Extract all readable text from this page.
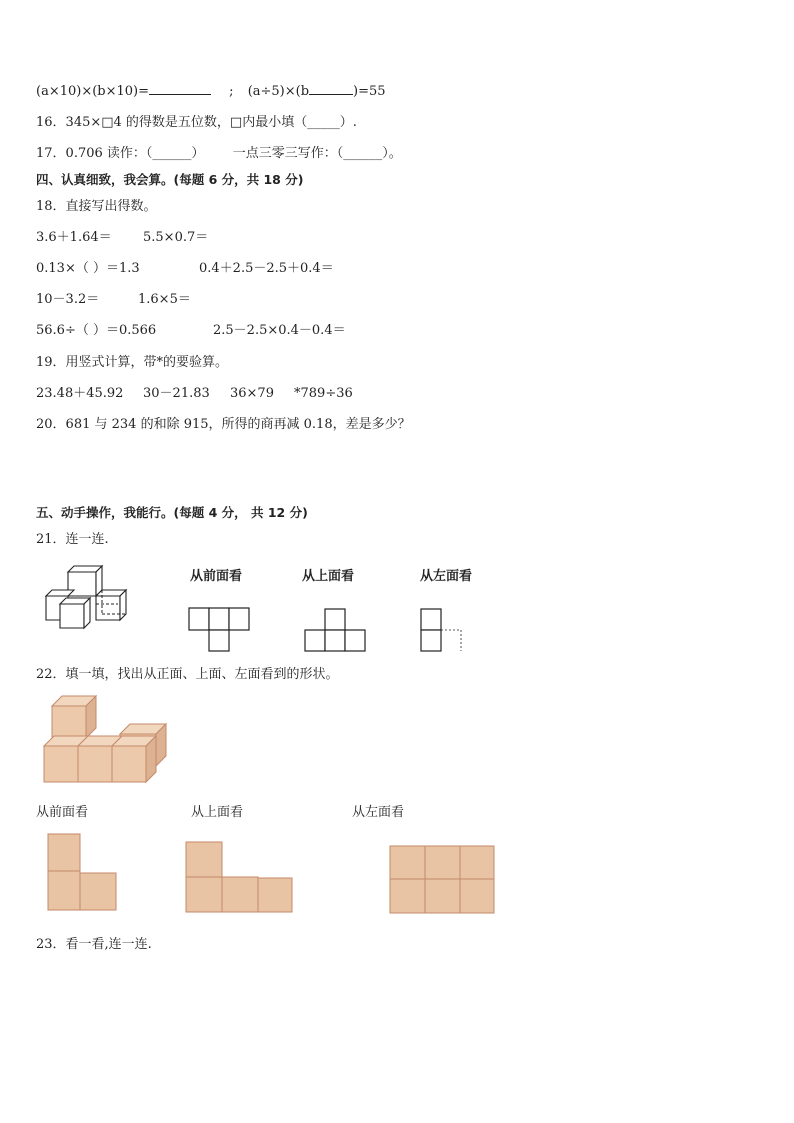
(a×10)×(b×10)=	; (a÷5)×(b	)=55
16．345×□4 的得数是五位数，□内最小填（_____）.
17．0.706 读作：（______） 一点三零三写作：（______）。
四、认真细致，我会算。(每题 6 分，共 18 分)
18．直接写出得数。
3.6＋1.64＝ 5.5×0.7＝
0.13×（ ）＝1.3	0.4＋2.5－2.5＋0.4＝
10－3.2＝	1.6×5＝
56.6÷（ ）＝0.566	2.5－2.5×0.4－0.4＝
19．用竖式计算，带*的要验算。
23.48＋45.92 30－21.83 36×79 *789÷36
20．681 与 234 的和除 915，所得的商再减 0.18，差是多少？
五、动手操作，我能行。(每题 4 分， 共 12 分)
21．连一连.
从前面看	从上面看	从左面看
22．填一填，找出从正面、上面、左面看到的形状。
从前面看	从上面看	从左面看
23．看一看,连一连.
